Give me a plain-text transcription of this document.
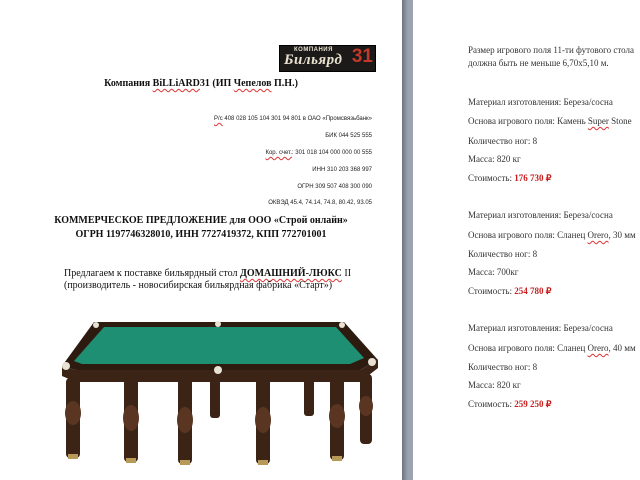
КОМПАНИЯ
Бильярд 31
Компания BiLLiARD31 (ИП Чепелов П.Н.)
Р/с 408 028 105 104 301 94 801 в ОАО «Промсвязьбанк»
БИК 044 525 555
Кор. счет.: 301 018 104 000 000 00 555
ИНН 310 203 368 997
ОГРН 309 507 408 300 090
ОКВЭД 45.4, 74.14, 74.8, 80.42, 93.05
КОММЕРЧЕСКОЕ ПРЕДЛОЖЕНИЕ для ООО «Строй онлайн»
ОГРН 1197746328010, ИНН 7727419372, КПП 772701001
Предлагаем к поставке бильярдный стол ДОМАШНИЙ-ЛЮКС II
(производитель - новосибирская бильярдная фабрика «Старт»)
Размер игрового поля 11-ти футового стола
должна быть не меньше 6,70х5,10 м.
Материал изготовления: Береза/сосна
Основа игрового поля: Камень Super Stone
Количество ног: 8
Масса: 820 кг
Стоимость: 176 730 ₽
Материал изготовления: Береза/сосна
Основа игрового поля: Сланец Orero, 30 мм
Количество ног: 8
Масса: 700кг
Стоимость: 254 780 ₽
Материал изготовления: Береза/сосна
Основа игрового поля: Сланец Orero, 40 мм
Количество ног: 8
Масса: 820 кг
Стоимость: 259 250 ₽
